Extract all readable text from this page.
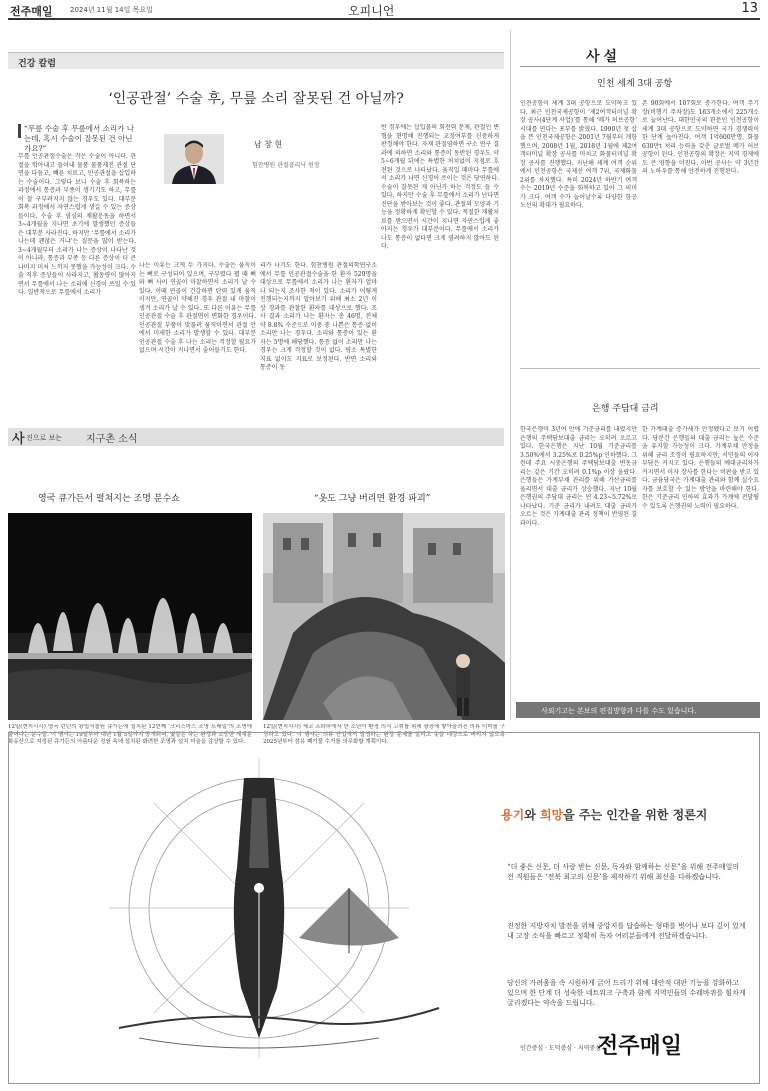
전주매일 2024년 11월 14일 목요일	오피니언	13
건강 칼럼
‘인공관절’ 수술 후, 무릎 소리 잘못된 건 아닐까?
“무릎 수술 후 무릎에서 소리가 나는데, 혹시 수술이 잘못된 건 아닌가요?”	남 창 현
힘찬병원 관절클리닉 원장
무릎 인공관절수술은 작은 수술이 아니다. 관절을 깎아내고 들어내 물품 물품재진 관절 단면을 다듬고, 빼른 치료고, 인공관절을 삽입하는 수술이다. 그렇다 보니 수술 후 회복하는 과정에서 통증과 부종이 생기기도 하고, 무릎이 잘 구부려지지 않는 경우도 있다. 대부분 회복 과정에서 자연스럽게 생길 수 있는 증상들이다. 수술 후 염심의 재활운동을 하면서 3~4개월을 지나면 초기에 발생했던 증상들은 대부분 사라진다. 하지만 ‘무릎에서 소리가 나는데 괜찮은 거냐’는 질문을 많이 받는다. 3~4개월부터 소리가 나는 증상이 나타난 것이 아니라, 통증과 부종 등 다른 증상이 더 큰 나머지 미처 느끼지 못했을 가능성이 크다. 수술 직후 증상들이 사라지고, 활동량이 많아지면서 무릎에서 나는 소리에 신경이 쓰일 수 있다. 일반적으로 무릎에서 소리가
나는 이유는 크게 두 가지다. 수술은 움직이는 뼈로 구성되어 있으며, 구부렸다 펼 때 뼈와 뼈 사이 연골이 마찰하면서 소리가 날 수 있다. 이때 연골이 건강하면 탄력 있게 움직이지만, 연골이 약해진 경우 관절 내 마찰이 생겨 소리가 날 수 있다. 또 다른 이유는 무릎인공관절 수술 후 관절면이 변화한 경우이다. 인공관절 부품이 맞물려 움직이면서 관절 안에서 미세한 소리가 발생할 수 있다. 대부분 인공관절 수술 후 나는 소리는 걱정할 필요가 없으며 시간이 지나면서 줄어들기도 한다.
리가 나기도 한다. 힘찬병원 관절의학연구소에서 무릎 인공관절수술을 한 환자 529명을 대상으로 무릎에서 소리가 나는 환자가 얼마나 되는지 조사한 적이 있다. 소리가 어떻게 진행되는지까지 알아보기 위해 최소 2년 이상 경과를 관찰한 환자를 대상으로 했다. 조사 결과 소리가 나는 환자는 총 46명, 전체 약 8.8% 수준으로 이중 중 나쁜은 통증 없이 소리만 나는 경우다. 소리와 통증이 있는 환자는 5명에 해당했다. 통증 없이 소리만 나는 경우는 크게 걱정할 것이 없다. 평소 특별한 지표 없이도 지표로 보정된다. 반면 소리와 통증이 동
반 경우에는 삽입물의 회전력 문제, 관절인 변형을 현명해 진행되는 교정여부를 신중하게 판정해야 한다. 자재 관절염하면 구소 연구 결과에 의하면 소리와 통증이 동반된 경우도 약 5~6개월 뒤에는 특별한 처치없이 지점로 호전된 것으로 나타났다. 움직일 때마다 무릎에서 소리가 나면 신경이 쓰이는 것은 당연하다. 수술이 잘못된 게 아닌가 하는 걱정도 들 수 있다. 하지만 수술 후 무릎에서 소리가 난다면 진단을 받아보는 것이 좋다. 관절의 모양과 기능을 정확하게 확인할 수 있다. 적절한 재활치료를 받으면서 시간이 지나면 자연스럽게 좋아지는 경우가 대부분이다. 무릎에서 소리가 나도 통증이 없다면 크게 염려하지 않아도 된다.
사 진으로 보는 지구촌 소식
영국 큐가든서 펼쳐지는 조명 분수쇼	“옷도 그냥 버리면 환경 파괴”
12일(현지시각) 영국 런던의 왕립식물원 큐가든에 설치된 12번째 ‘크리스마스 조명 트레일’의 조명에 불어나는 분수들. 이 행사는 19일부터 내년 1월 5일까지 공개되며, 빛들은 하는 환경과 소중한 세계문화유산으로 지정된 큐가든의 아름다운 정원 속에 설치된 화려한 조명과 설치 미술을 감상할 수 있다.
12일(현지시각) 체코 프라하에서 한 소년이 환경 의식 고취를 위해 광장에 쌓아올려진 의류 더미를 구경하고 있다. 이 행사는 의류 산업에서 발생하는 환경 문제를 알리고 옷을 대량으로 버리지 않도록 2025년부터 섬유 폐기물 수거를 의무화할 계획이다.
사설
인천 세계 3대 공항
인천공항이 세계 3대 공항으로 도약하고 있다. 최근 인천국제공항이 ‘제2여객터미널 확장 공사(4단계 사업)’를 통해 ‘메가 허브공항’ 시대를 연다는 포부를 밝혔다. 1990년 첫 삽을 뜬 인천국제공항은 2001년 7월부터 개항했으며, 2008년 1월, 2018년 1월에 제2여객터미널 확장 공사를 마치고 화물터미널 확장 공사를 진행했다. 지난해 세계 여객 순위에서 인천공항은 국제선 여객 7위, 국제화물 2위를 차지했다. 특히 2024년 하반기 여객수는 2019년 수준을 회복하고 있어 그 의미가 크다. 여객 수가 늘어날수록 다양한 항공 노선의 확대가 필요하다.
존 90회에서 107회로 증가한다. 여객 주기장(비행기 주차장)도 163개소에서 225개소로 늘어난다. 대한민국의 관문인 인천공항이 세계 3대 공항으로 도약하면 국가 경쟁력이 한 단계 높아진다. 여객 1억600만명, 화물 630만t 처리 능력을 갖춘 글로벌 메가 허브공항이 된다. 인천공항의 확장은 지역 경제에도 큰 영향을 미친다. 이번 공사는 약 3년간의 노하우를 통해 안전하게 진행된다.
은행 주담대 금리
한국은행이 3년여 만에 기준금리를 내렸지만 은행의 주택담보대출 금리는 오히려 오르고 있다. 한국은행은 지난 10월 기준금리를 3.50%에서 3.25%로 0.25%p 인하했다. 그런데 주요 시중은행의 주택담보대출 변동금리는 같은 기간 오히려 0.1%p 이상 올랐다. 은행들은 가계부채 관리를 위해 가산금리를 올리면서 대출 금리가 상승했다. 지난 10월 은행권의 주담대 금리는 연 4.23~5.72%로 나타났다. 기준 금리가 내려도 대출 금리가 오르는 것은 가계대출 관리 정책이 반영된 결과이다.
한 가계대출 증가세가 안정됐다고 보기 어렵다. 당분간 은행들의 대출 금리는 높은 수준을 유지할 가능성이 크다. 가계부채 안정을 위해 금리 조정이 필요하지만, 서민들의 이자 부담은 커지고 있다. 은행들의 예대금리차가 커지면서 이자 장사를 한다는 비판을 받고 있다. 금융당국은 가계대출 관리와 함께 실수요자를 보호할 수 있는 방안을 마련해야 한다. 한은 기준금리 인하의 효과가 가계에 전달될 수 있도록 은행권의 노력이 필요하다.
사외기고는 본보의 편집방향과 다를 수도 있습니다.
용기와 희망을 주는 인간을 위한 정론지
“더 좋은 신문, 더 사랑 받는 신문, 독자와 함께하는 신문”을 위해 전주매일의 전 직원들은 ‘전북 최고의 신문’을 제작하기 위해 최선을 다하겠습니다.
진정한 지방자치 발전을 위해 중앙지를 답습하는 형태를 벗어나 보다 깊이 있게 내 고장 소식을 빠르고 정확히 독자 여러분들에게 전달하겠습니다.
당신의 가려움을 속 시원하게 긁어 드리기 위해 대안적 대판 기능을 강화하고 있으며 한 단계 더 성숙한 네트워크 구축과 함께 지역민들의 수레바퀴를 힘차게 굴리겠다는 약속을 드립니다.
인간중심 · 도덕중심 · 지역중심
전주매일
